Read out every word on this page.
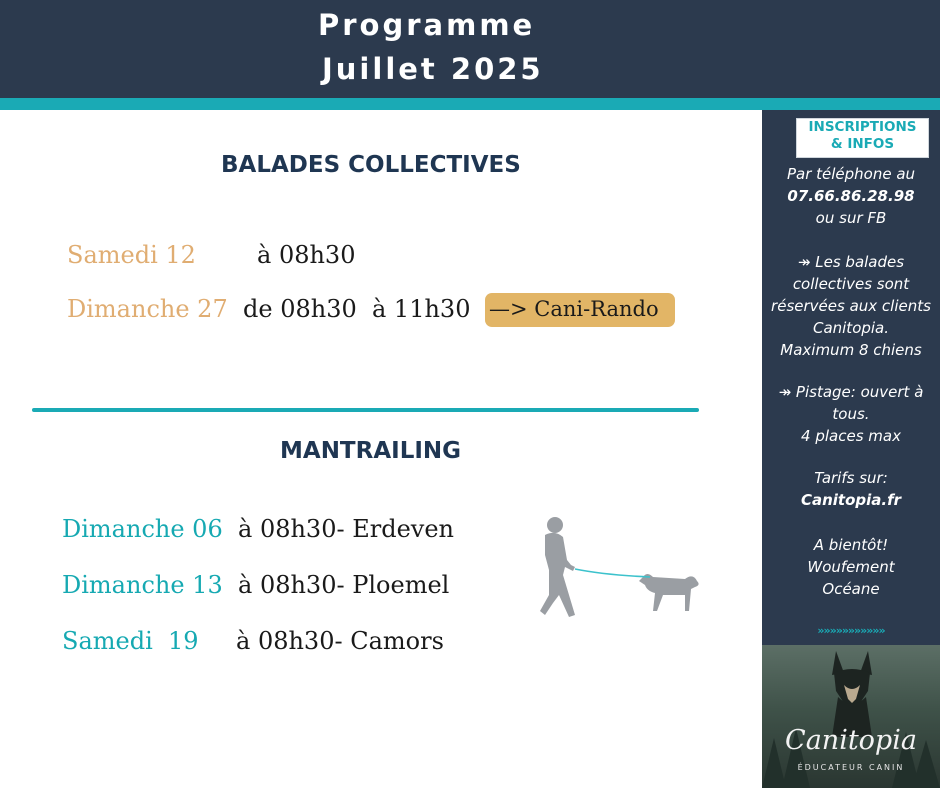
Programme
Juillet 2025
BALADES COLLECTIVES
Samedi 12	à 08h30
Dimanche 27 de 08h30  à 11h30 —> Cani-Rando
MANTRAILING
Dimanche 06 à 08h30- Erdeven
Dimanche 13 à 08h30- Ploemel
Samedi  19 à 08h30- Camors
INSCRIPTIONS
& INFOS
Par téléphone au
07.66.86.28.98
ou sur FB
↠ Les balades
collectives sont
réservées aux clients
Canitopia.
Maximum 8 chiens
↠ Pistage: ouvert à
tous.
4 places max
Tarifs sur:
Canitopia.fr
A bientôt!
Woufement
Océane
»»»»»»»»»»»
Canitopia
ÉDUCATEUR CANIN
